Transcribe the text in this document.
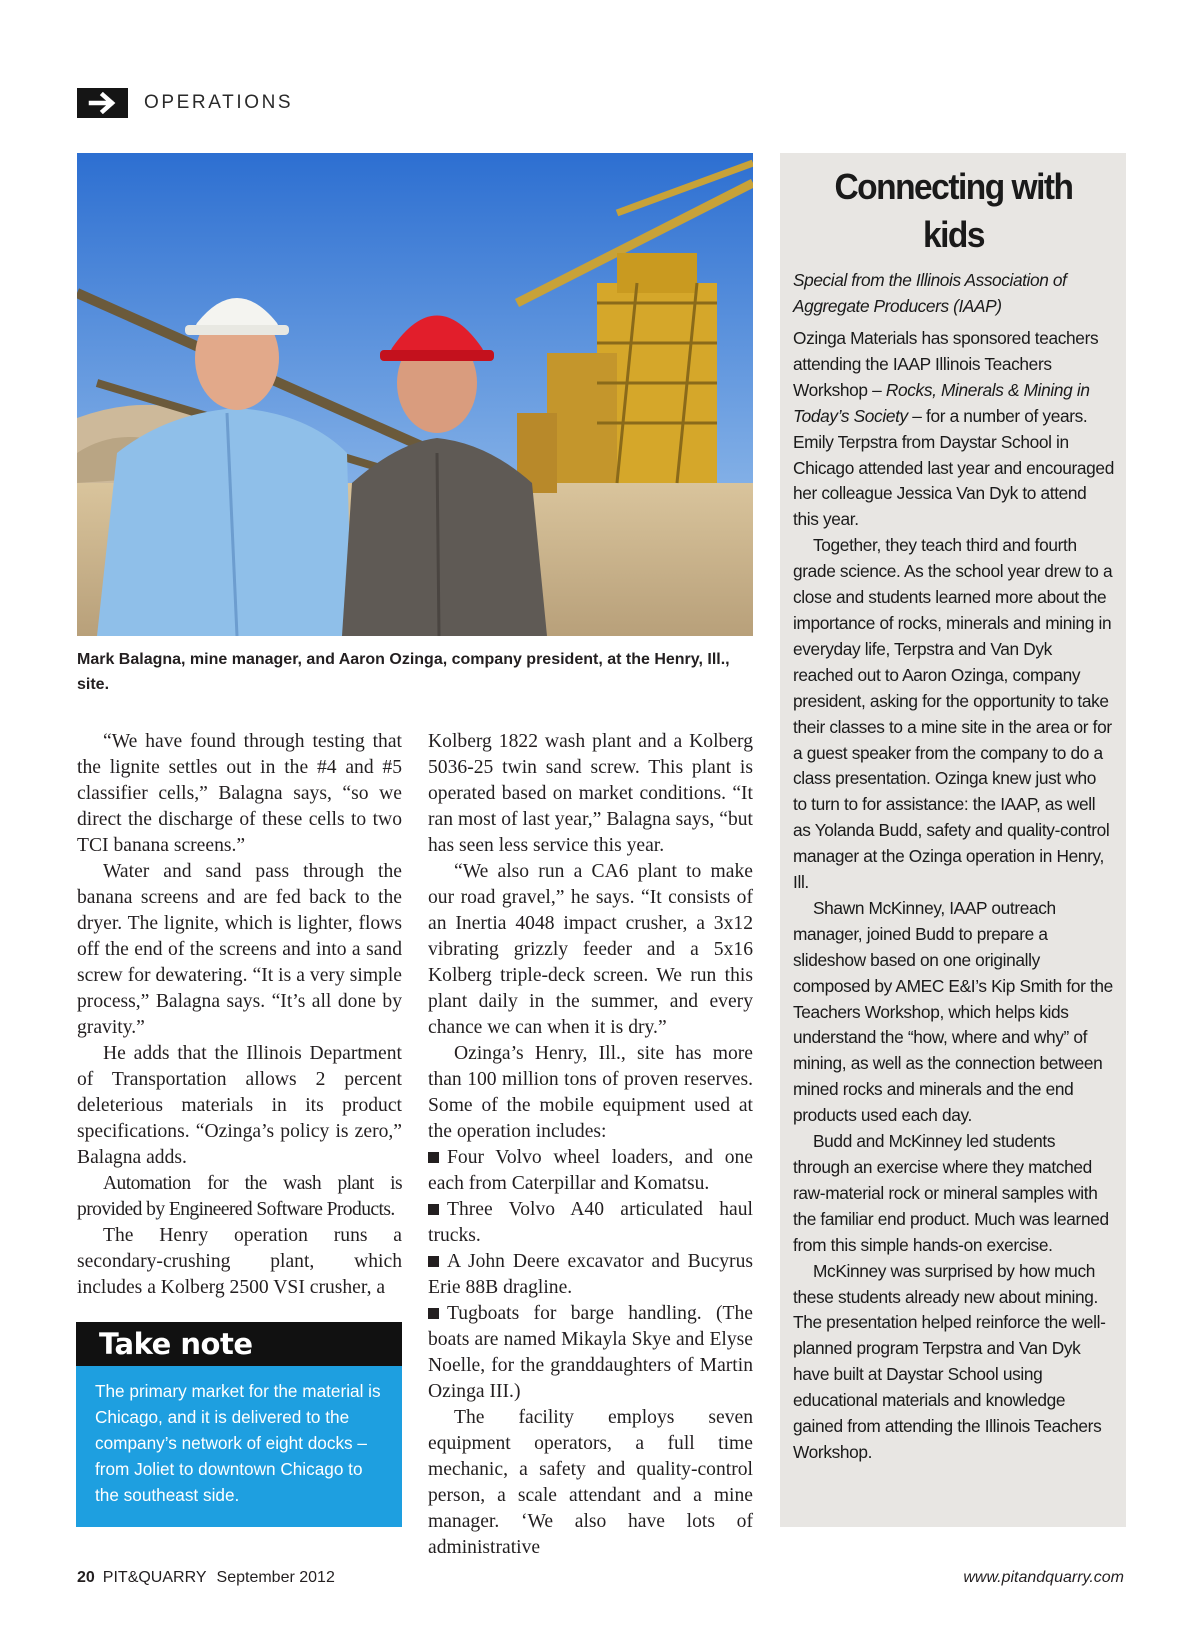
OPERATIONS
Mark Balagna, mine manager, and Aaron Ozinga, company president, at the Henry, Ill., site.

“We have found through testing that the lignite settles out in the #4 and #5 classifier cells,” Balagna says, “so we direct the discharge of these cells to two TCI banana screens.”

Water and sand pass through the banana screens and are fed back to the dryer. The lignite, which is lighter, flows off the end of the screens and into a sand screw for dewatering. “It is a very simple process,” Balagna says. “It’s all done by gravity.”

He adds that the Illinois Department of Transportation allows 2 percent deleterious materials in its product specifications. “Ozinga’s policy is zero,” Balagna adds.

Automation for the wash plant is provided by Engineered Software Products.

The Henry operation runs a secondary-crushing plant, which includes a Kolberg 2500 VSI crusher, a

Take note
The primary market for the material is Chicago, and it is delivered to the company’s network of eight docks – from Joliet to downtown Chicago to the southeast side.

Kolberg 1822 wash plant and a Kolberg 5036-25 twin sand screw. This plant is operated based on market conditions. “It ran most of last year,” Balagna says, “but has seen less service this year.

“We also run a CA6 plant to make our road gravel,” he says. “It consists of an Inertia 4048 impact crusher, a 3x12 vibrating grizzly feeder and a 5x16 Kolberg triple-deck screen. We run this plant daily in the summer, and every chance we can when it is dry.”

Ozinga’s Henry, Ill., site has more than 100 million tons of proven reserves. Some of the mobile equipment used at the operation includes:

Four Volvo wheel loaders, and one each from Caterpillar and Komatsu.

Three Volvo A40 articulated haul trucks.

A John Deere excavator and Bucyrus Erie 88B dragline.

Tugboats for barge handling. (The boats are named Mikayla Skye and Elyse Noelle, for the granddaughters of Martin Ozinga III.)

The facility employs seven equipment operators, a full time mechanic, a safety and quality-control person, a scale attendant and a mine manager. ‘We also have lots of administrative

Connecting with kids
Special from the Illinois Association of Aggregate Producers (IAAP)

Ozinga Materials has sponsored teachers attending the IAAP Illinois Teachers Workshop – Rocks, Minerals & Mining in Today’s Society – for a number of years. Emily Terpstra from Daystar School in Chicago attended last year and encouraged her colleague Jessica Van Dyk to attend this year.

Together, they teach third and fourth grade science. As the school year drew to a close and students learned more about the importance of rocks, minerals and mining in everyday life, Terpstra and Van Dyk reached out to Aaron Ozinga, company president, asking for the opportunity to take their classes to a mine site in the area or for a guest speaker from the company to do a class presentation. Ozinga knew just who to turn to for assistance: the IAAP, as well as Yolanda Budd, safety and quality-control manager at the Ozinga operation in Henry, Ill.

Shawn McKinney, IAAP outreach manager, joined Budd to prepare a slideshow based on one originally composed by AMEC E&I’s Kip Smith for the Teachers Workshop, which helps kids understand the “how, where and why” of mining, as well as the connection between mined rocks and minerals and the end products used each day.

Budd and McKinney led students through an exercise where they matched raw-material rock or mineral samples with the familiar end product. Much was learned from this simple hands-on exercise.

McKinney was surprised by how much these students already new about mining. The presentation helped reinforce the well-planned program Terpstra and Van Dyk have built at Daystar School using educational materials and knowledge gained from attending the Illinois Teachers Workshop.

20 PIT&QUARRY September 2012	www.pitandquarry.com
